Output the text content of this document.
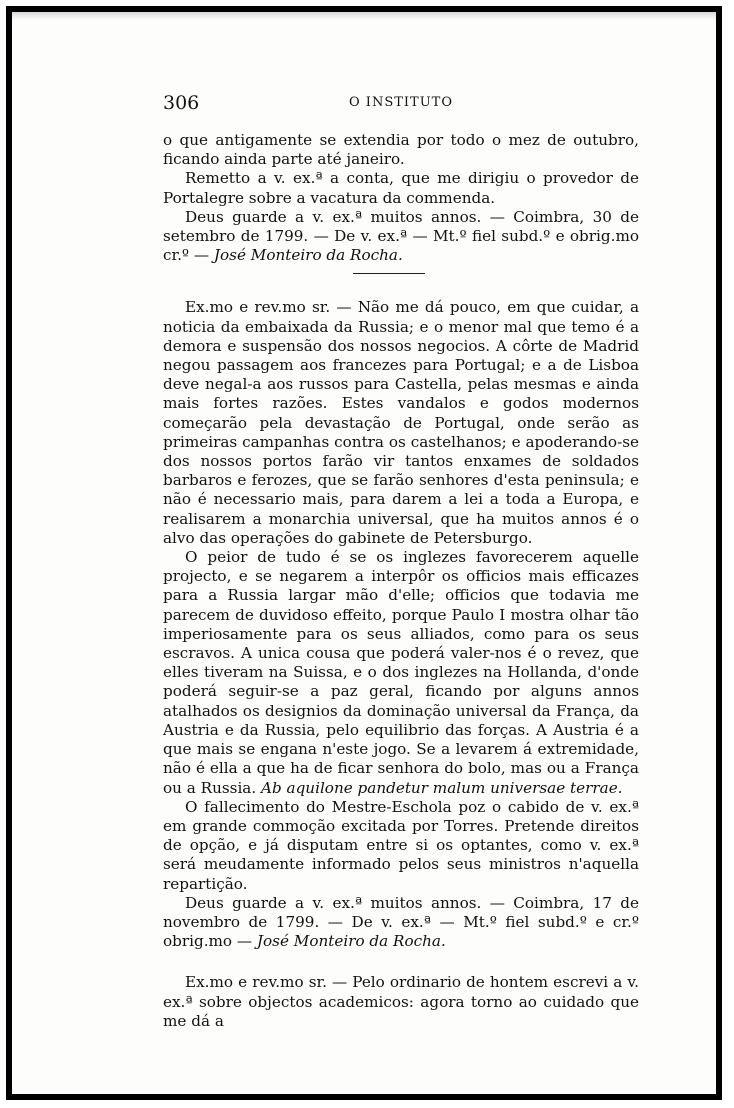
306	O INSTITUTO

o que antigamente se extendia por todo o mez de outubro, ficando ainda parte até janeiro.

Remetto a v. ex.ª a conta, que me dirigiu o provedor de Portalegre sobre a vacatura da commenda.

Deus guarde a v. ex.ª muitos annos. — Coimbra, 30 de setembro de 1799. — De v. ex.ª — Mt.º fiel subd.º e obrig.mo cr.º — José Monteiro da Rocha.

Ex.mo e rev.mo sr. — Não me dá pouco, em que cuidar, a noticia da embaixada da Russia; e o menor mal que temo é a demora e suspensão dos nossos negocios. A côrte de Madrid negou passagem aos francezes para Portugal; e a de Lisboa deve negal-a aos russos para Castella, pelas mesmas e ainda mais fortes razões. Estes vandalos e godos modernos começarão pela devastação de Portugal, onde serão as primeiras campanhas contra os castelhanos; e apoderando-se dos nossos portos farão vir tantos enxames de soldados barbaros e ferozes, que se farão senhores d'esta peninsula; e não é necessario mais, para darem a lei a toda a Europa, e realisarem a monarchia universal, que ha muitos annos é o alvo das operações do gabinete de Petersburgo.

O peior de tudo é se os inglezes favorecerem aquelle projecto, e se negarem a interpôr os officios mais efficazes para a Russia largar mão d'elle; officios que todavia me parecem de duvidoso effeito, porque Paulo I mostra olhar tão imperiosamente para os seus alliados, como para os seus escravos. A unica cousa que poderá valer-nos é o revez, que elles tiveram na Suissa, e o dos inglezes na Hollanda, d'onde poderá seguir-se a paz geral, ficando por alguns annos atalhados os designios da dominação universal da França, da Austria e da Russia, pelo equilibrio das forças. A Austria é a que mais se engana n'este jogo. Se a levarem á extremidade, não é ella a que ha de ficar senhora do bolo, mas ou a França ou a Russia. Ab aquilone pandetur malum universae terrae.

O fallecimento do Mestre-Eschola poz o cabido de v. ex.ª em grande commoção excitada por Torres. Pretende direitos de opção, e já disputam entre si os optantes, como v. ex.ª será meudamente informado pelos seus ministros n'aquella repartição.

Deus guarde a v. ex.ª muitos annos. — Coimbra, 17 de novembro de 1799. — De v. ex.ª — Mt.º fiel subd.º e cr.º obrig.mo — José Monteiro da Rocha.

Ex.mo e rev.mo sr. — Pelo ordinario de hontem escrevi a v. ex.ª sobre objectos academicos: agora torno ao cuidado que me dá a
